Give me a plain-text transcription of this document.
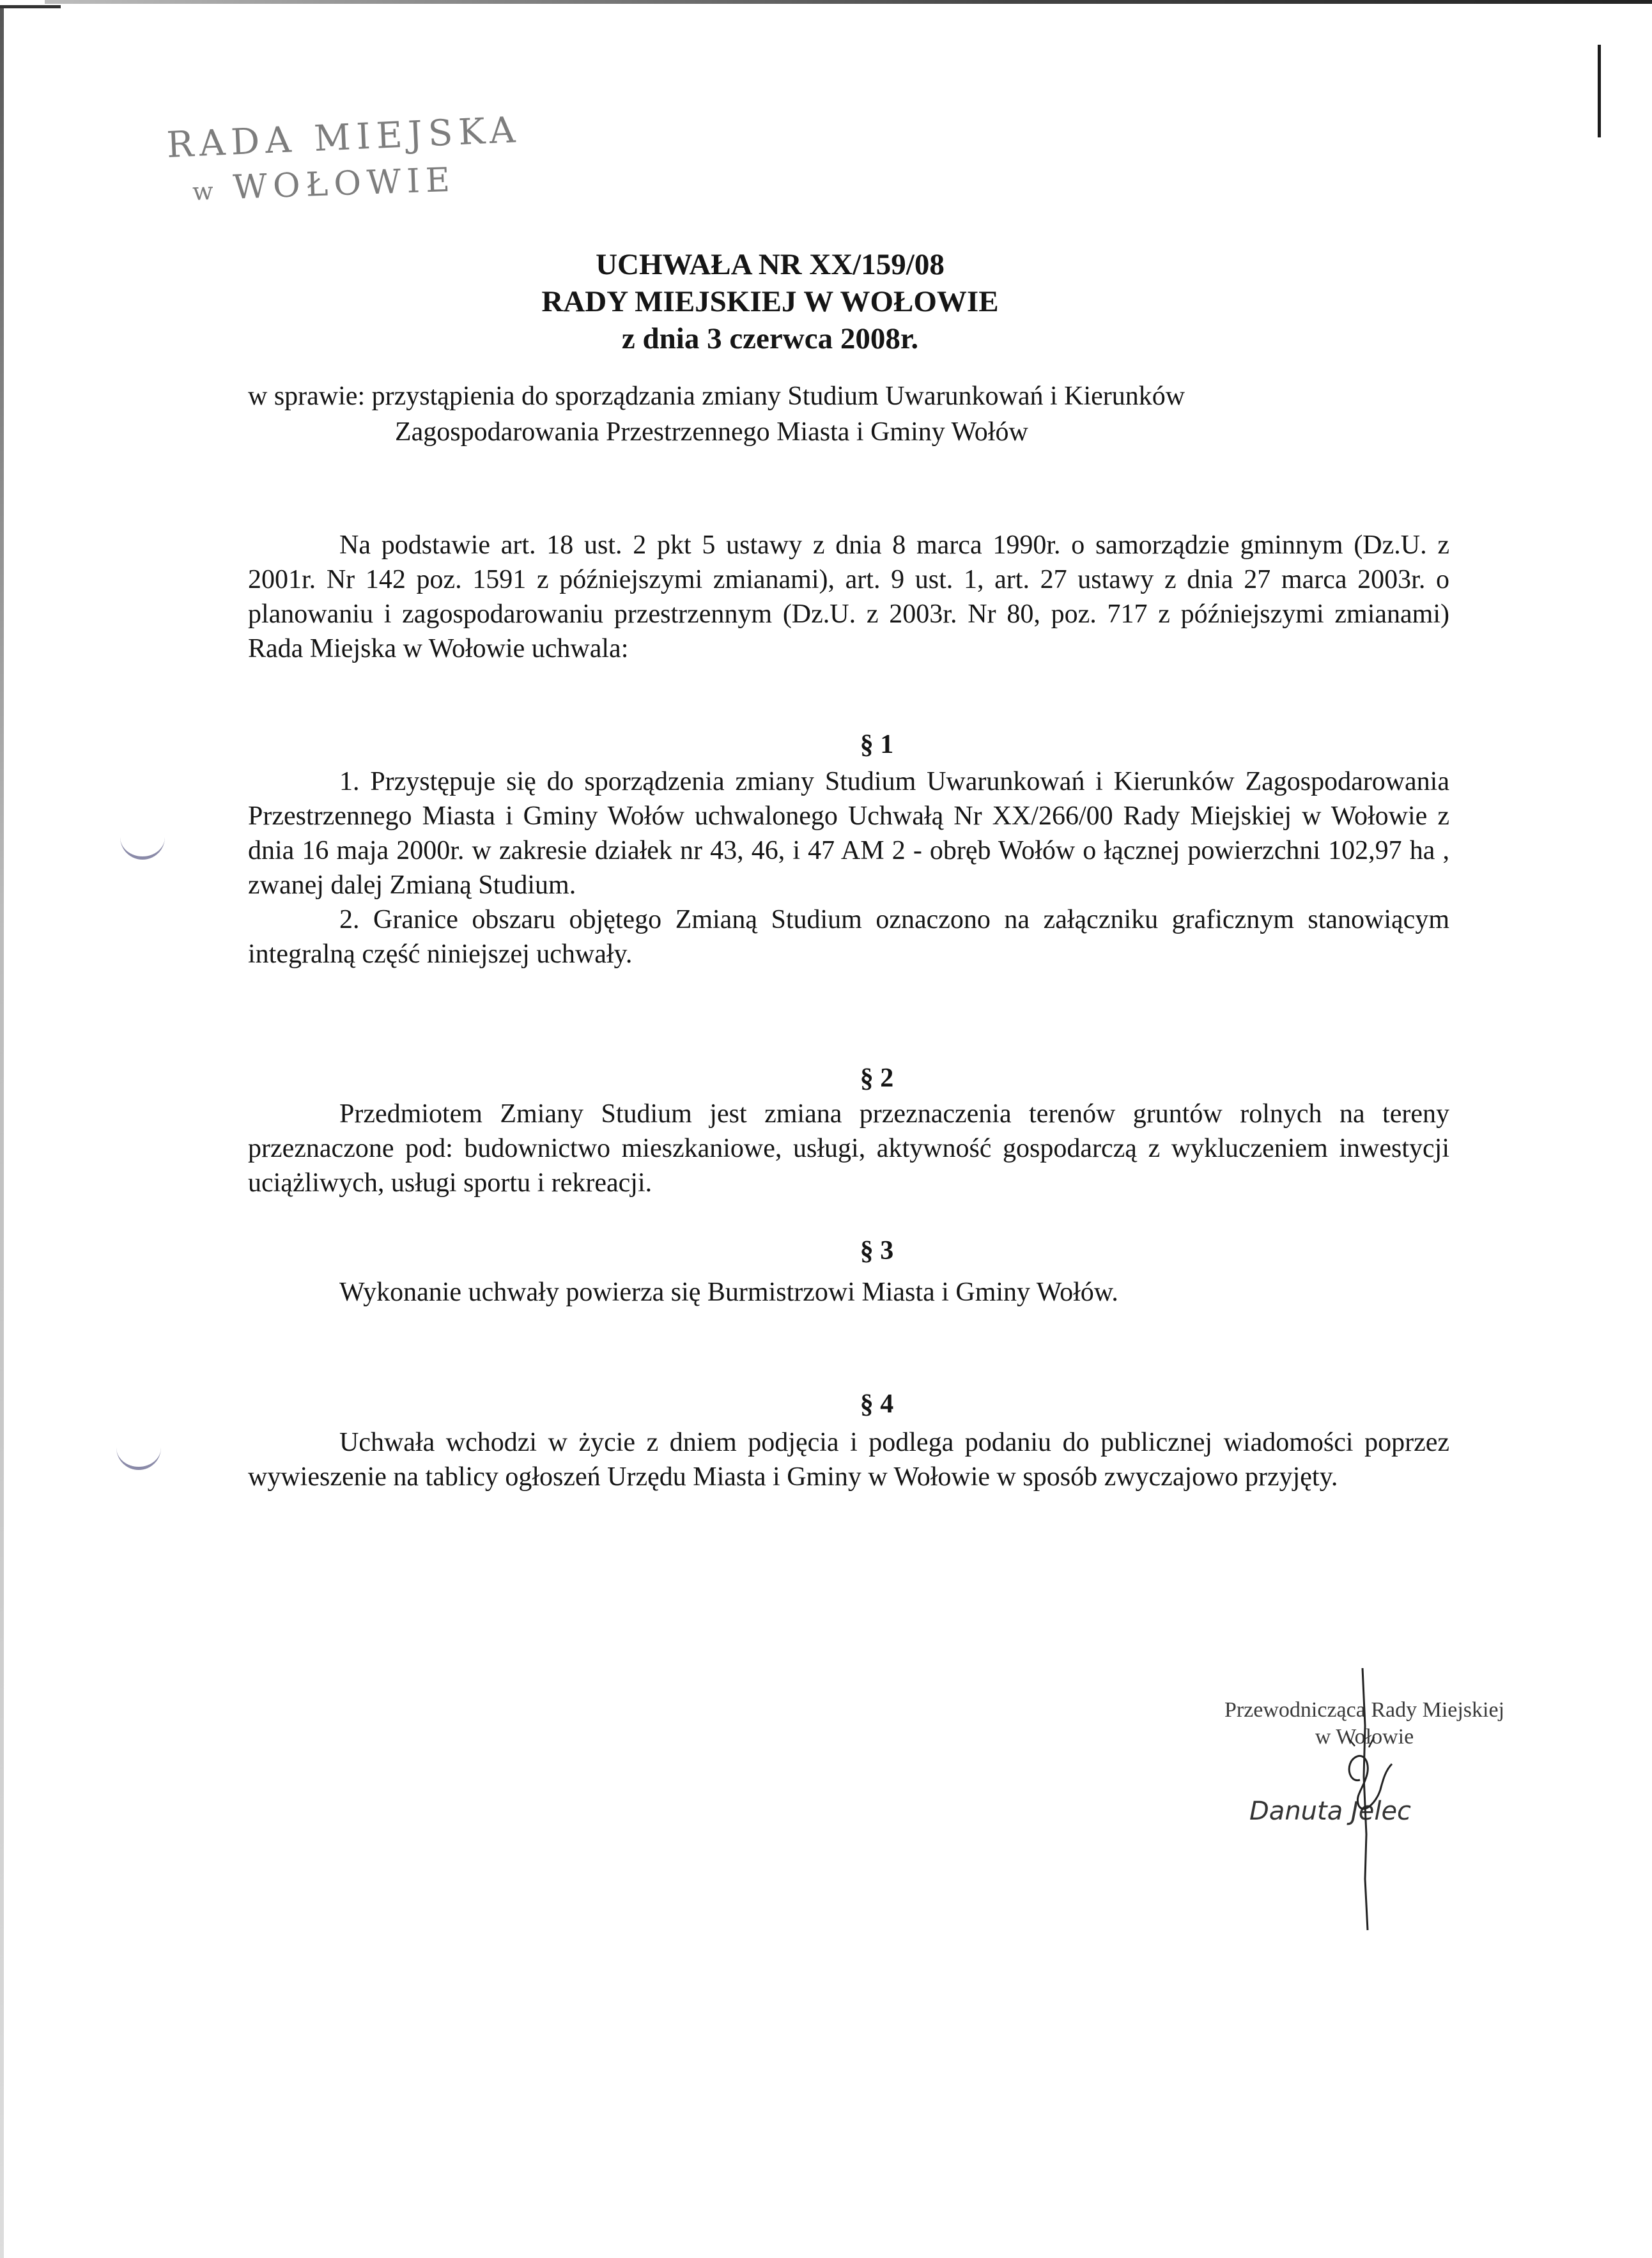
RADA MIEJSKA
w WOŁOWIE
UCHWAŁA NR XX/159/08
RADY MIEJSKIEJ W WOŁOWIE
z dnia 3 czerwca 2008r.
w sprawie: przystąpienia do sporządzania zmiany Studium Uwarunkowań i Kierunków
Zagospodarowania Przestrzennego Miasta i Gminy Wołów

Na podstawie art. 18 ust. 2 pkt 5 ustawy z dnia 8 marca 1990r. o samorządzie gminnym (Dz.U. z 2001r. Nr 142 poz. 1591 z późniejszymi zmianami), art. 9 ust. 1, art. 27 ustawy z dnia 27 marca 2003r. o planowaniu i zagospodarowaniu przestrzennym (Dz.U. z 2003r. Nr 80, poz. 717 z późniejszymi zmianami) Rada Miejska w Wołowie uchwala:

§ 1

1. Przystępuje się do sporządzenia zmiany Studium Uwarunkowań i Kierunków Zagospodarowania Przestrzennego Miasta i Gminy Wołów uchwalonego Uchwałą Nr XX/266/00 Rady Miejskiej w Wołowie z dnia 16 maja 2000r. w zakresie działek nr 43, 46, i 47 AM 2 - obręb Wołów o łącznej powierzchni 102,97 ha , zwanej dalej Zmianą Studium.

2. Granice obszaru objętego Zmianą Studium oznaczono na załączniku graficznym stanowiącym integralną część niniejszej uchwały.

§ 2

Przedmiotem Zmiany Studium jest zmiana przeznaczenia terenów gruntów rolnych na tereny przeznaczone pod: budownictwo mieszkaniowe, usługi, aktywność gospodarczą z wykluczeniem inwestycji uciążliwych, usługi sportu i rekreacji.

§ 3

Wykonanie uchwały powierza się Burmistrzowi Miasta i Gminy Wołów.

§ 4

Uchwała wchodzi w życie z dniem podjęcia i podlega podaniu do publicznej wiadomości poprzez wywieszenie na tablicy ogłoszeń Urzędu Miasta i Gminy w Wołowie w sposób zwyczajowo przyjęty.

Przewodnicząca Rady Miejskiej
w Wołowie
Danuta Jelec
